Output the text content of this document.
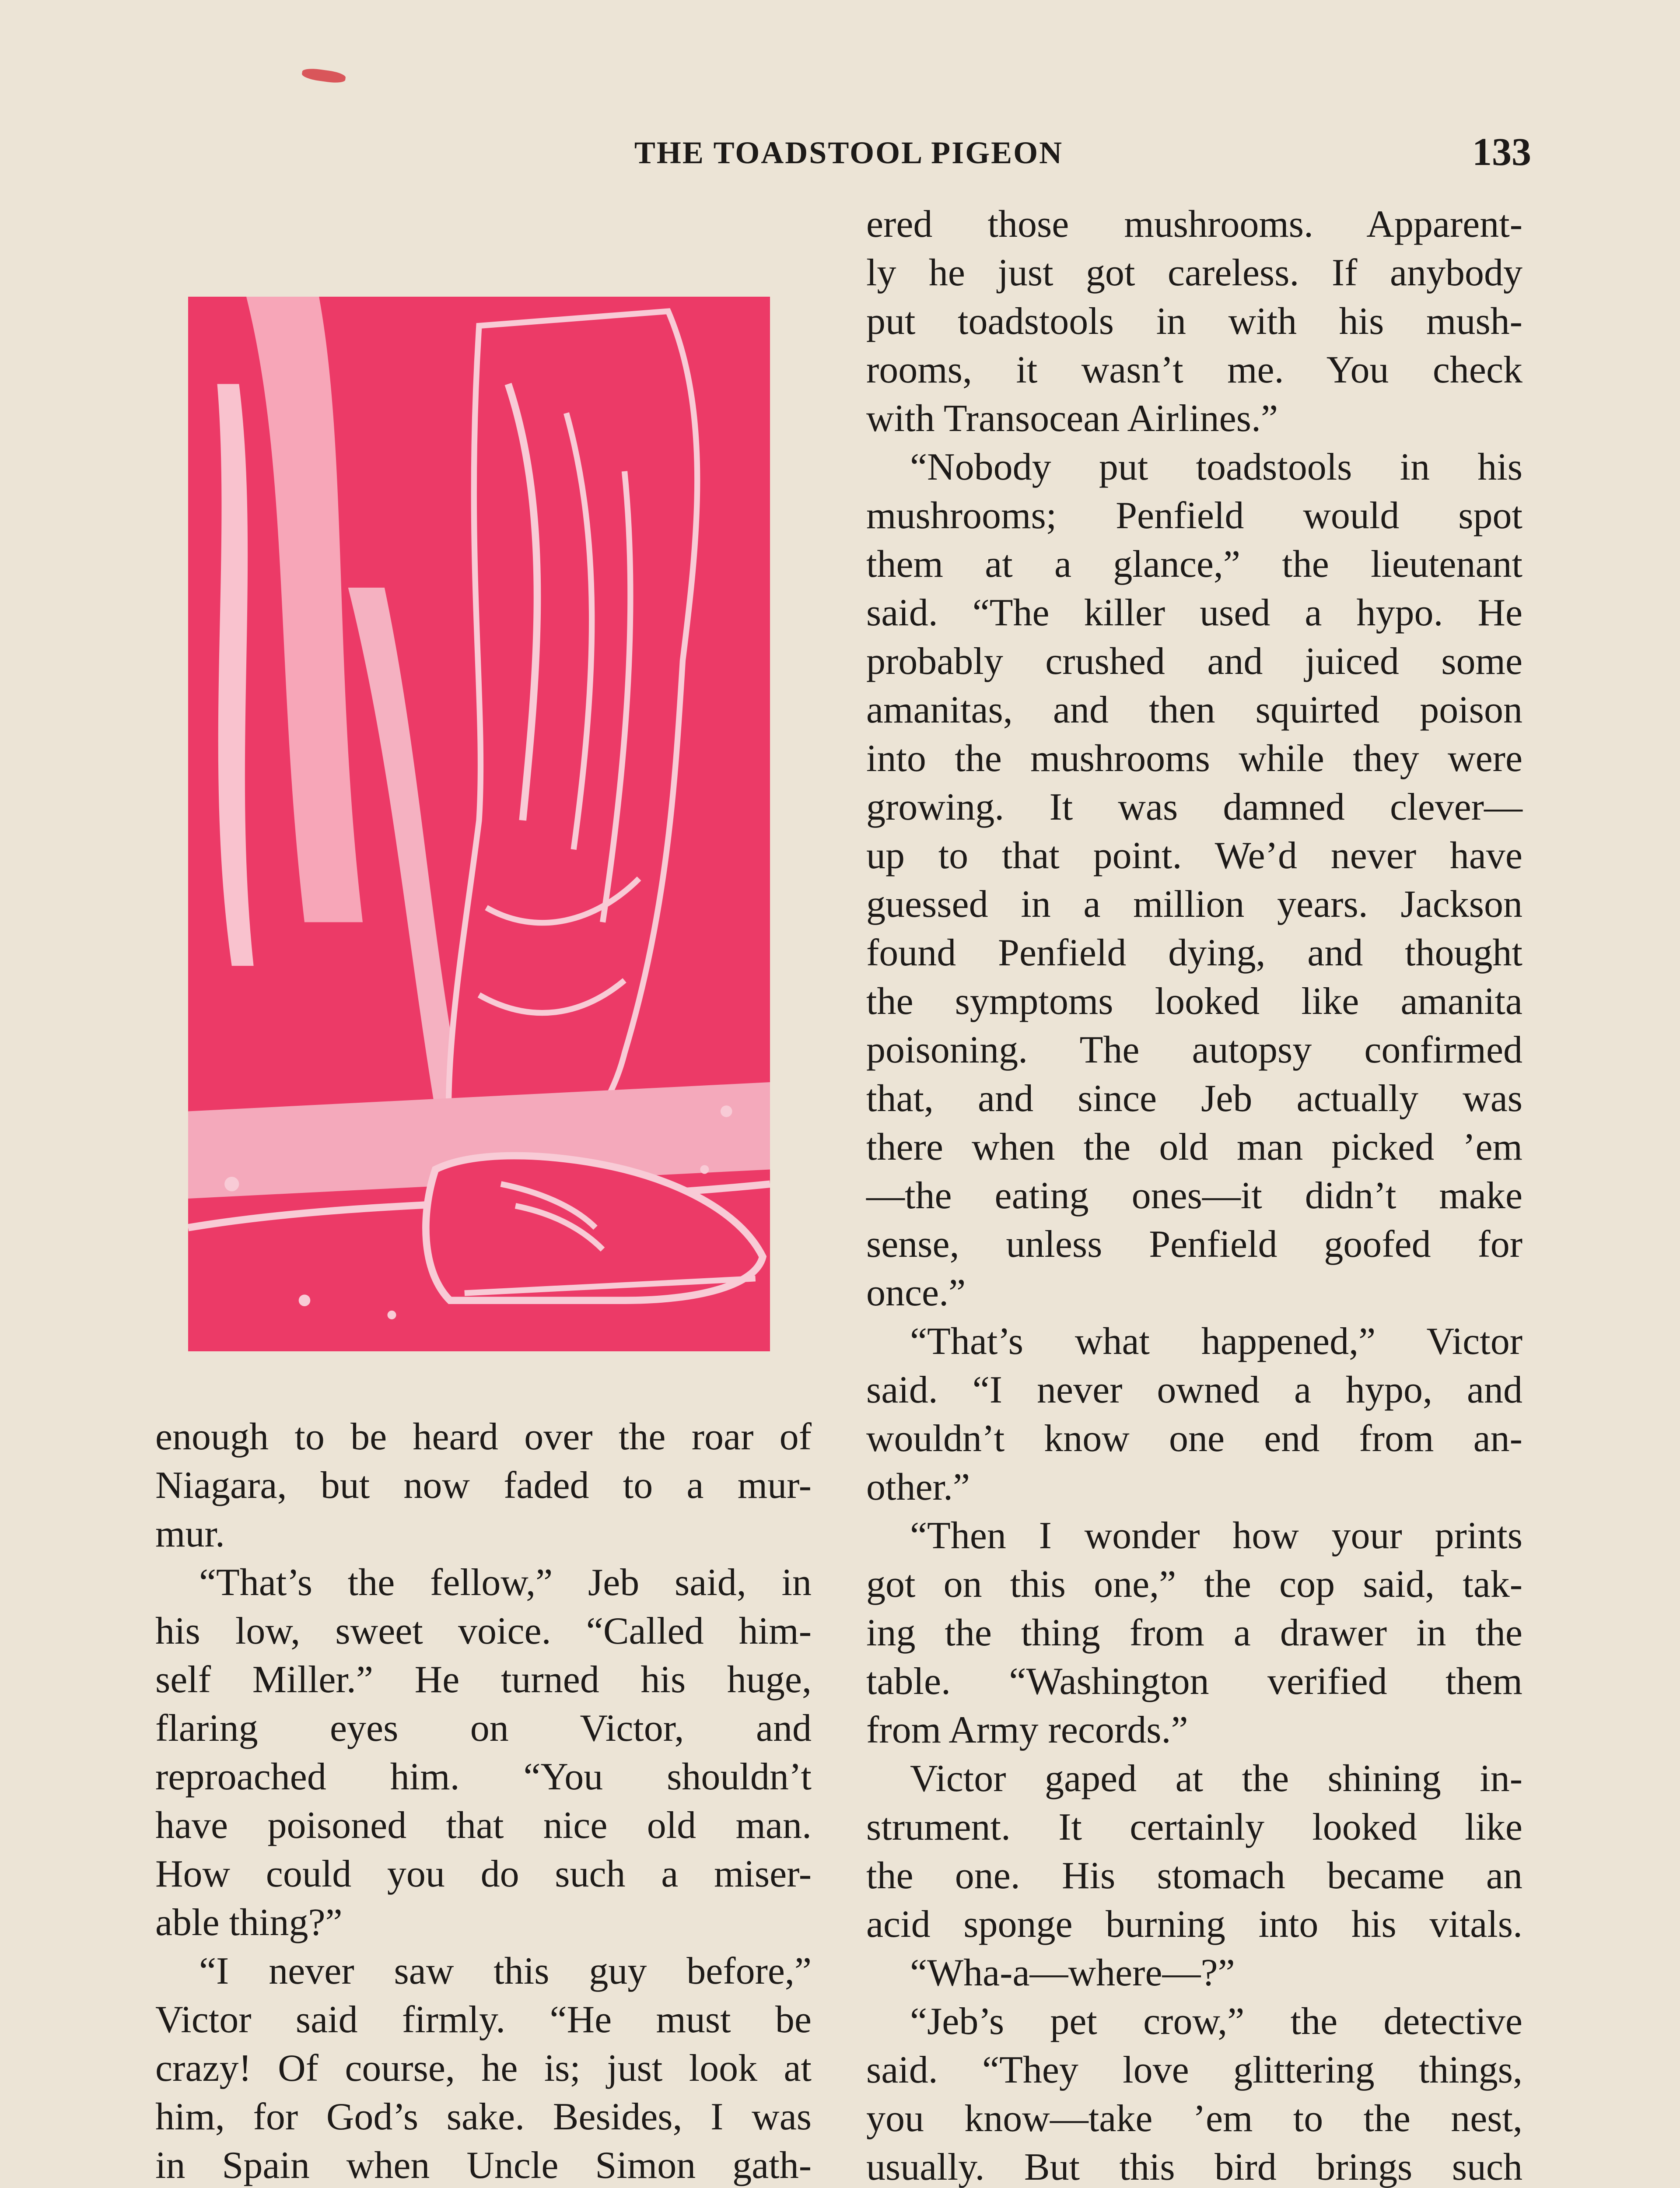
THE TOADSTOOL PIGEON	133
enough to be heard over the roar of
Niagara, but now faded to a mur-
mur.
“That’s the fellow,” Jeb said, in
his low, sweet voice. “Called him-
self Miller.” He turned his huge,
flaring eyes on Victor, and
reproached him. “You shouldn’t
have poisoned that nice old man.
How could you do such a miser-
able thing?”
“I never saw this guy before,”
Victor said firmly. “He must be
crazy! Of course, he is; just look at
him, for God’s sake. Besides, I was
in Spain when Uncle Simon gath-
ered those mushrooms. Apparent-
ly he just got careless. If anybody
put toadstools in with his mush-
rooms, it wasn’t me. You check
with Transocean Airlines.”
“Nobody put toadstools in his
mushrooms; Penfield would spot
them at a glance,” the lieutenant
said. “The killer used a hypo. He
probably crushed and juiced some
amanitas, and then squirted poison
into the mushrooms while they were
growing. It was damned clever—
up to that point. We’d never have
guessed in a million years. Jackson
found Penfield dying, and thought
the symptoms looked like amanita
poisoning. The autopsy confirmed
that, and since Jeb actually was
there when the old man picked ’em
—the eating ones—it didn’t make
sense, unless Penfield goofed for
once.”
“That’s what happened,” Victor
said. “I never owned a hypo, and
wouldn’t know one end from an-
other.”
“Then I wonder how your prints
got on this one,” the cop said, tak-
ing the thing from a drawer in the
table. “Washington verified them
from Army records.”
Victor gaped at the shining in-
strument. It certainly looked like
the one. His stomach became an
acid sponge burning into his vitals.
“Wha-a—where—?”
“Jeb’s pet crow,” the detective
said. “They love glittering things,
you know—take ’em to the nest,
usually. But this bird brings such
